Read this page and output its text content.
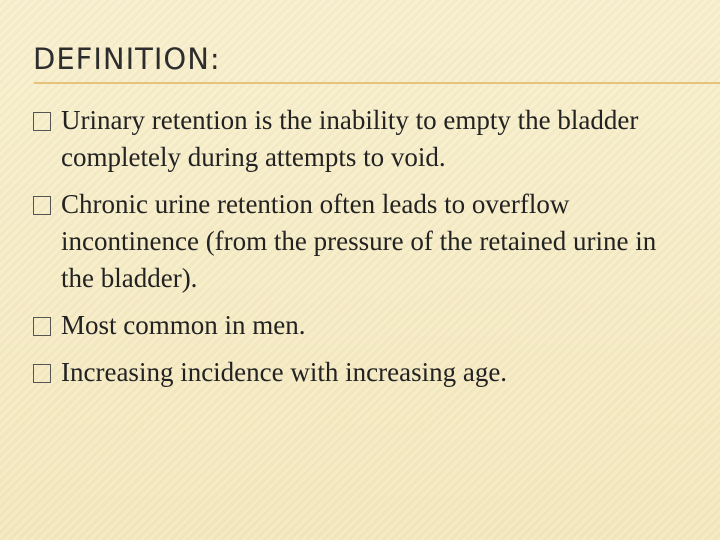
DEFINITION:
Urinary retention is the inability to empty the bladder completely during attempts to void.
Chronic urine retention often leads to overflow incontinence (from the pressure of the retained urine in the bladder).
Most common in men.
Increasing incidence with increasing age.
